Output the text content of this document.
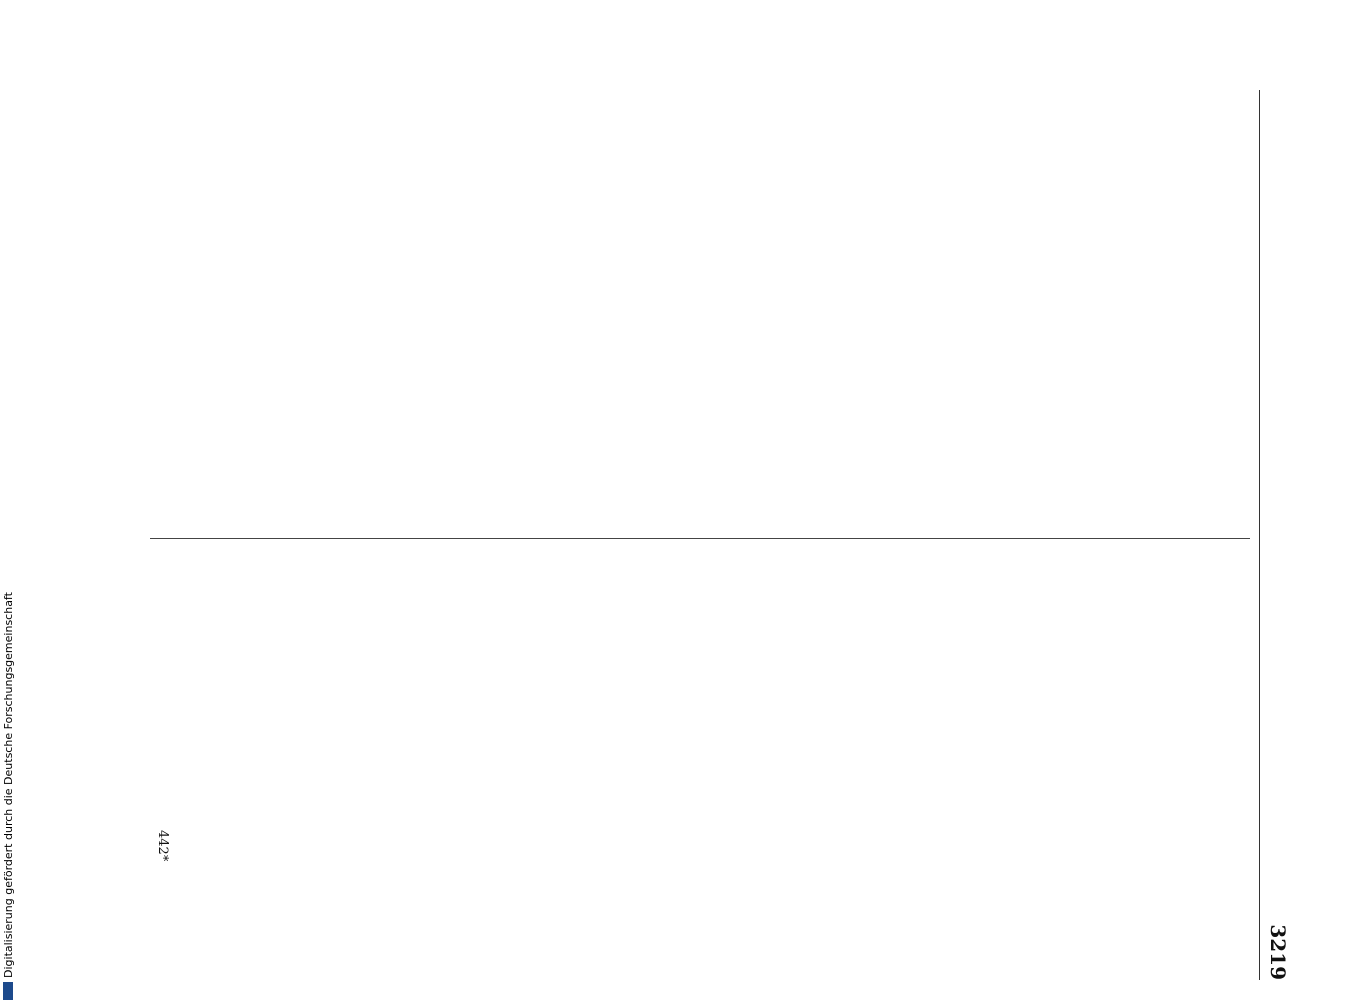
3219
442*
Digitalisierung gefördert durch die Deutsche Forschungsgemeinschaft
